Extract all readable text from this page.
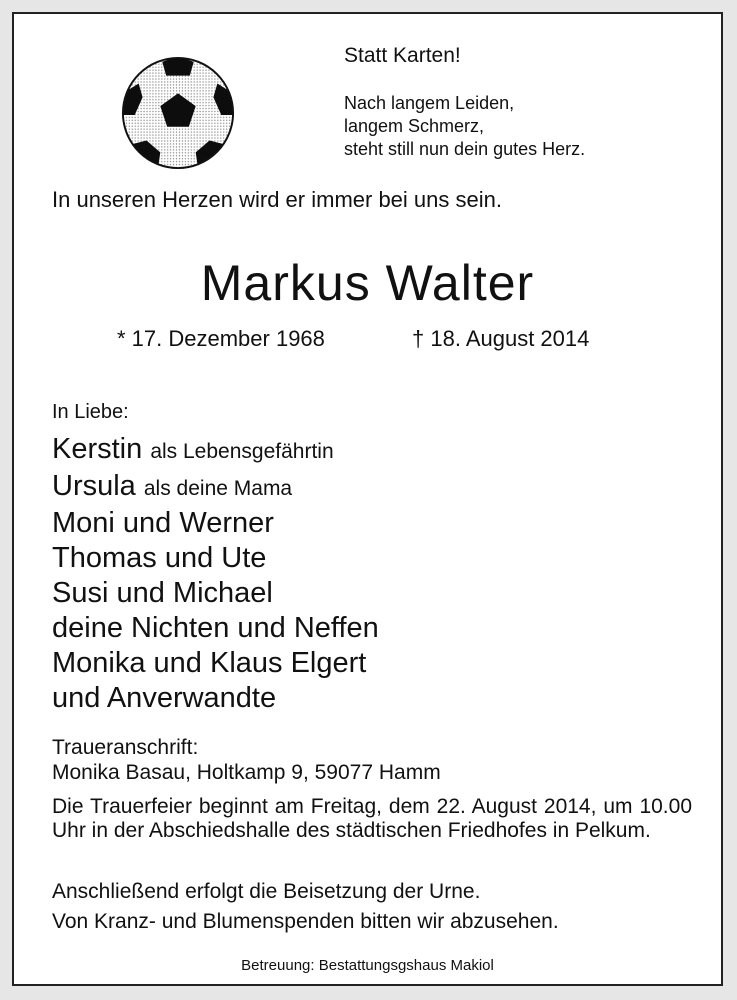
Statt Karten!
Nach langem Leiden,
langem Schmerz,
steht still nun dein gutes Herz.
In unseren Herzen wird er immer bei uns sein.
Markus Walter
* 17. Dezember 1968	† 18. August 2014
In Liebe:
Kerstin als Lebensgefährtin
Ursula als deine Mama
Moni und Werner
Thomas und Ute
Susi und Michael
deine Nichten und Neffen
Monika und Klaus Elgert
und Anverwandte
Traueranschrift:
Monika Basau, Holtkamp 9, 59077 Hamm
Die Trauerfeier beginnt am Freitag, dem 22. August 2014, um 10.00 Uhr in der Abschiedshalle des städtischen Friedhofes in Pelkum.
Anschließend erfolgt die Beisetzung der Urne.
Von Kranz- und Blumenspenden bitten wir abzusehen.
Betreuung: Bestattungsgshaus Makiol
